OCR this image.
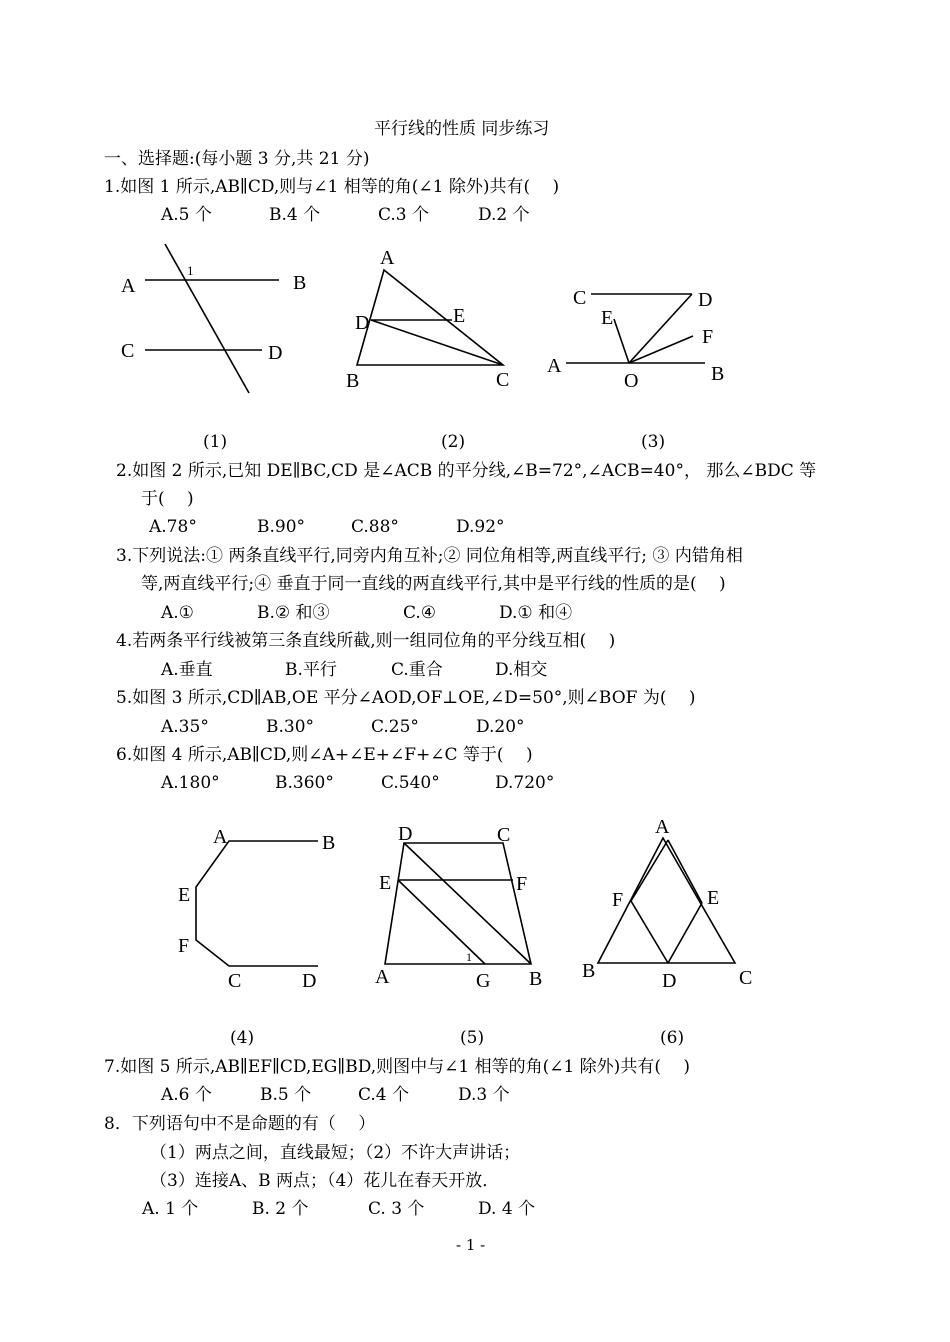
平行线的性质 同步练习
一、选择题:(每小题 3 分,共 21 分)
1.如图 1 所示,AB∥CD,则与∠1 相等的角(∠1 除外)共有(　 )
A.5 个	B.4 个	C.3 个	D.2 个
A	B
C	D
1
A
B	C
D	E
C	D
E
F
A
O	B
(1)	(2)	(3)
2.如图 2 所示,已知 DE∥BC,CD 是∠ACB 的平分线,∠B=72°,∠ACB=40°， 那么∠BDC 等
于(　 )
A.78°	B.90°	C.88°	D.92°
3.下列说法:① 两条直线平行,同旁内角互补;② 同位角相等,两直线平行; ③ 内错角相
等,两直线平行;④ 垂直于同一直线的两直线平行,其中是平行线的性质的是(　 )
A.①	B.② 和③	C.④	D.① 和④
4.若两条平行线被第三条直线所截,则一组同位角的平分线互相(　 )
A.垂直	B.平行	C.重合	D.相交
5.如图 3 所示,CD∥AB,OE 平分∠AOD,OF⊥OE,∠D=50°,则∠BOF 为(　 )
A.35°	B.30°	C.25°	D.20°
6.如图 4 所示,AB∥CD,则∠A+∠E+∠F+∠C 等于(　 )
A.180°	B.360°	C.540°	D.720°
A	B
E
F
C	D
D	C
E	F
A	G B
1
A
F	E
B	D	C
(4)	(5)	(6)
7.如图 5 所示,AB∥EF∥CD,EG∥BD,则图中与∠1 相等的角(∠1 除外)共有(　 )
A.6 个	B.5 个	C.4 个	D.3 个
8．下列语句中不是命题的有（　 ）
（1）两点之间，直线最短；（2）不许大声讲话；
（3）连接A、B 两点；（4）花儿在春天开放．
A. 1 个	B. 2 个	C. 3 个	D. 4 个
- 1 -
